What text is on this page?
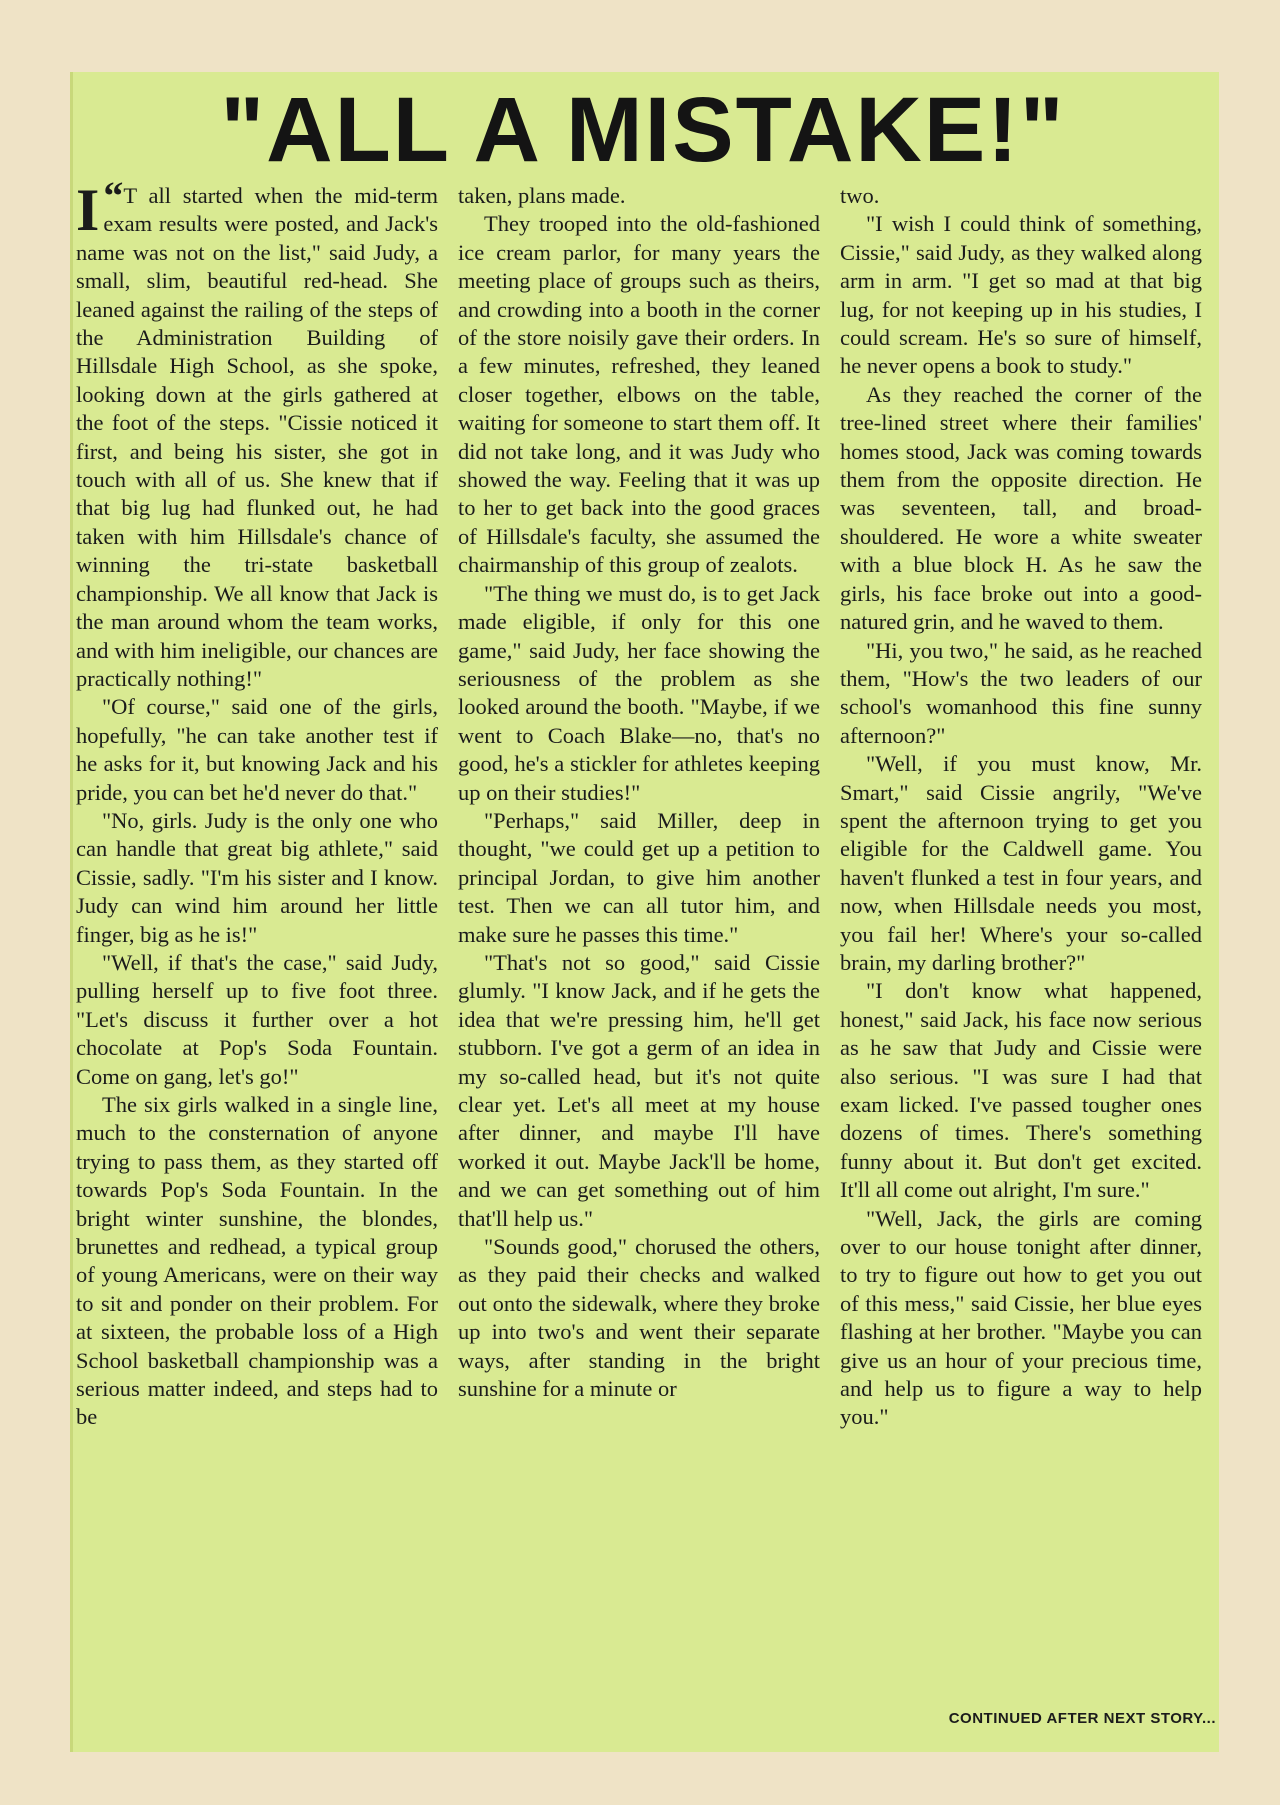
"ALL A MISTAKE!"

“
I T all started when the mid-term exam results were posted, and Jack's name was not on the list," said Judy, a small, slim, beautiful red-head. She leaned against the railing of the steps of the Administration Building of Hillsdale High School, as she spoke, looking down at the girls gathered at the foot of the steps. "Cissie noticed it first, and being his sister, she got in touch with all of us. She knew that if that big lug had flunked out, he had taken with him Hillsdale's chance of winning the tri-state basketball championship. We all know that Jack is the man around whom the team works, and with him ineligible, our chances are practically nothing!"

"Of course," said one of the girls, hopefully, "he can take another test if he asks for it, but knowing Jack and his pride, you can bet he'd never do that."

"No, girls. Judy is the only one who can handle that great big athlete," said Cissie, sadly. "I'm his sister and I know. Judy can wind him around her little finger, big as he is!"

"Well, if that's the case," said Judy, pulling herself up to five foot three. "Let's discuss it further over a hot chocolate at Pop's Soda Fountain. Come on gang, let's go!"

The six girls walked in a single line, much to the consternation of anyone trying to pass them, as they started off towards Pop's Soda Fountain. In the bright winter sunshine, the blondes, brunettes and redhead, a typical group of young Americans, were on their way to sit and ponder on their problem. For at sixteen, the probable loss of a High School basketball championship was a serious matter indeed, and steps had to be

taken, plans made.

They trooped into the old-fashioned ice cream parlor, for many years the meeting place of groups such as theirs, and crowding into a booth in the corner of the store noisily gave their orders. In a few minutes, refreshed, they leaned closer together, elbows on the table, waiting for someone to start them off. It did not take long, and it was Judy who showed the way. Feeling that it was up to her to get back into the good graces of Hillsdale's faculty, she assumed the chairmanship of this group of zealots.

"The thing we must do, is to get Jack made eligible, if only for this one game," said Judy, her face showing the seriousness of the problem as she looked around the booth. "Maybe, if we went to Coach Blake—no, that's no good, he's a stickler for athletes keeping up on their studies!"

"Perhaps," said Miller, deep in thought, "we could get up a petition to principal Jordan, to give him another test. Then we can all tutor him, and make sure he passes this time."

"That's not so good," said Cissie glumly. "I know Jack, and if he gets the idea that we're pressing him, he'll get stubborn. I've got a germ of an idea in my so-called head, but it's not quite clear yet. Let's all meet at my house after dinner, and maybe I'll have worked it out. Maybe Jack'll be home, and we can get something out of him that'll help us."

"Sounds good," chorused the others, as they paid their checks and walked out onto the sidewalk, where they broke up into two's and went their separate ways, after standing in the bright sunshine for a minute or

two.

"I wish I could think of something, Cissie," said Judy, as they walked along arm in arm. "I get so mad at that big lug, for not keeping up in his studies, I could scream. He's so sure of himself, he never opens a book to study."

As they reached the corner of the tree-lined street where their families' homes stood, Jack was coming towards them from the opposite direction. He was seventeen, tall, and broad-shouldered. He wore a white sweater with a blue block H. As he saw the girls, his face broke out into a good-natured grin, and he waved to them.

"Hi, you two," he said, as he reached them, "How's the two leaders of our school's womanhood this fine sunny afternoon?"

"Well, if you must know, Mr. Smart," said Cissie angrily, "We've spent the afternoon trying to get you eligible for the Caldwell game. You haven't flunked a test in four years, and now, when Hillsdale needs you most, you fail her! Where's your so-called brain, my darling brother?"

"I don't know what happened, honest," said Jack, his face now serious as he saw that Judy and Cissie were also serious. "I was sure I had that exam licked. I've passed tougher ones dozens of times. There's something funny about it. But don't get excited. It'll all come out alright, I'm sure."

"Well, Jack, the girls are coming over to our house tonight after dinner, to try to figure out how to get you out of this mess," said Cissie, her blue eyes flashing at her brother. "Maybe you can give us an hour of your precious time, and help us to figure a way to help you."

CONTINUED AFTER NEXT STORY...
